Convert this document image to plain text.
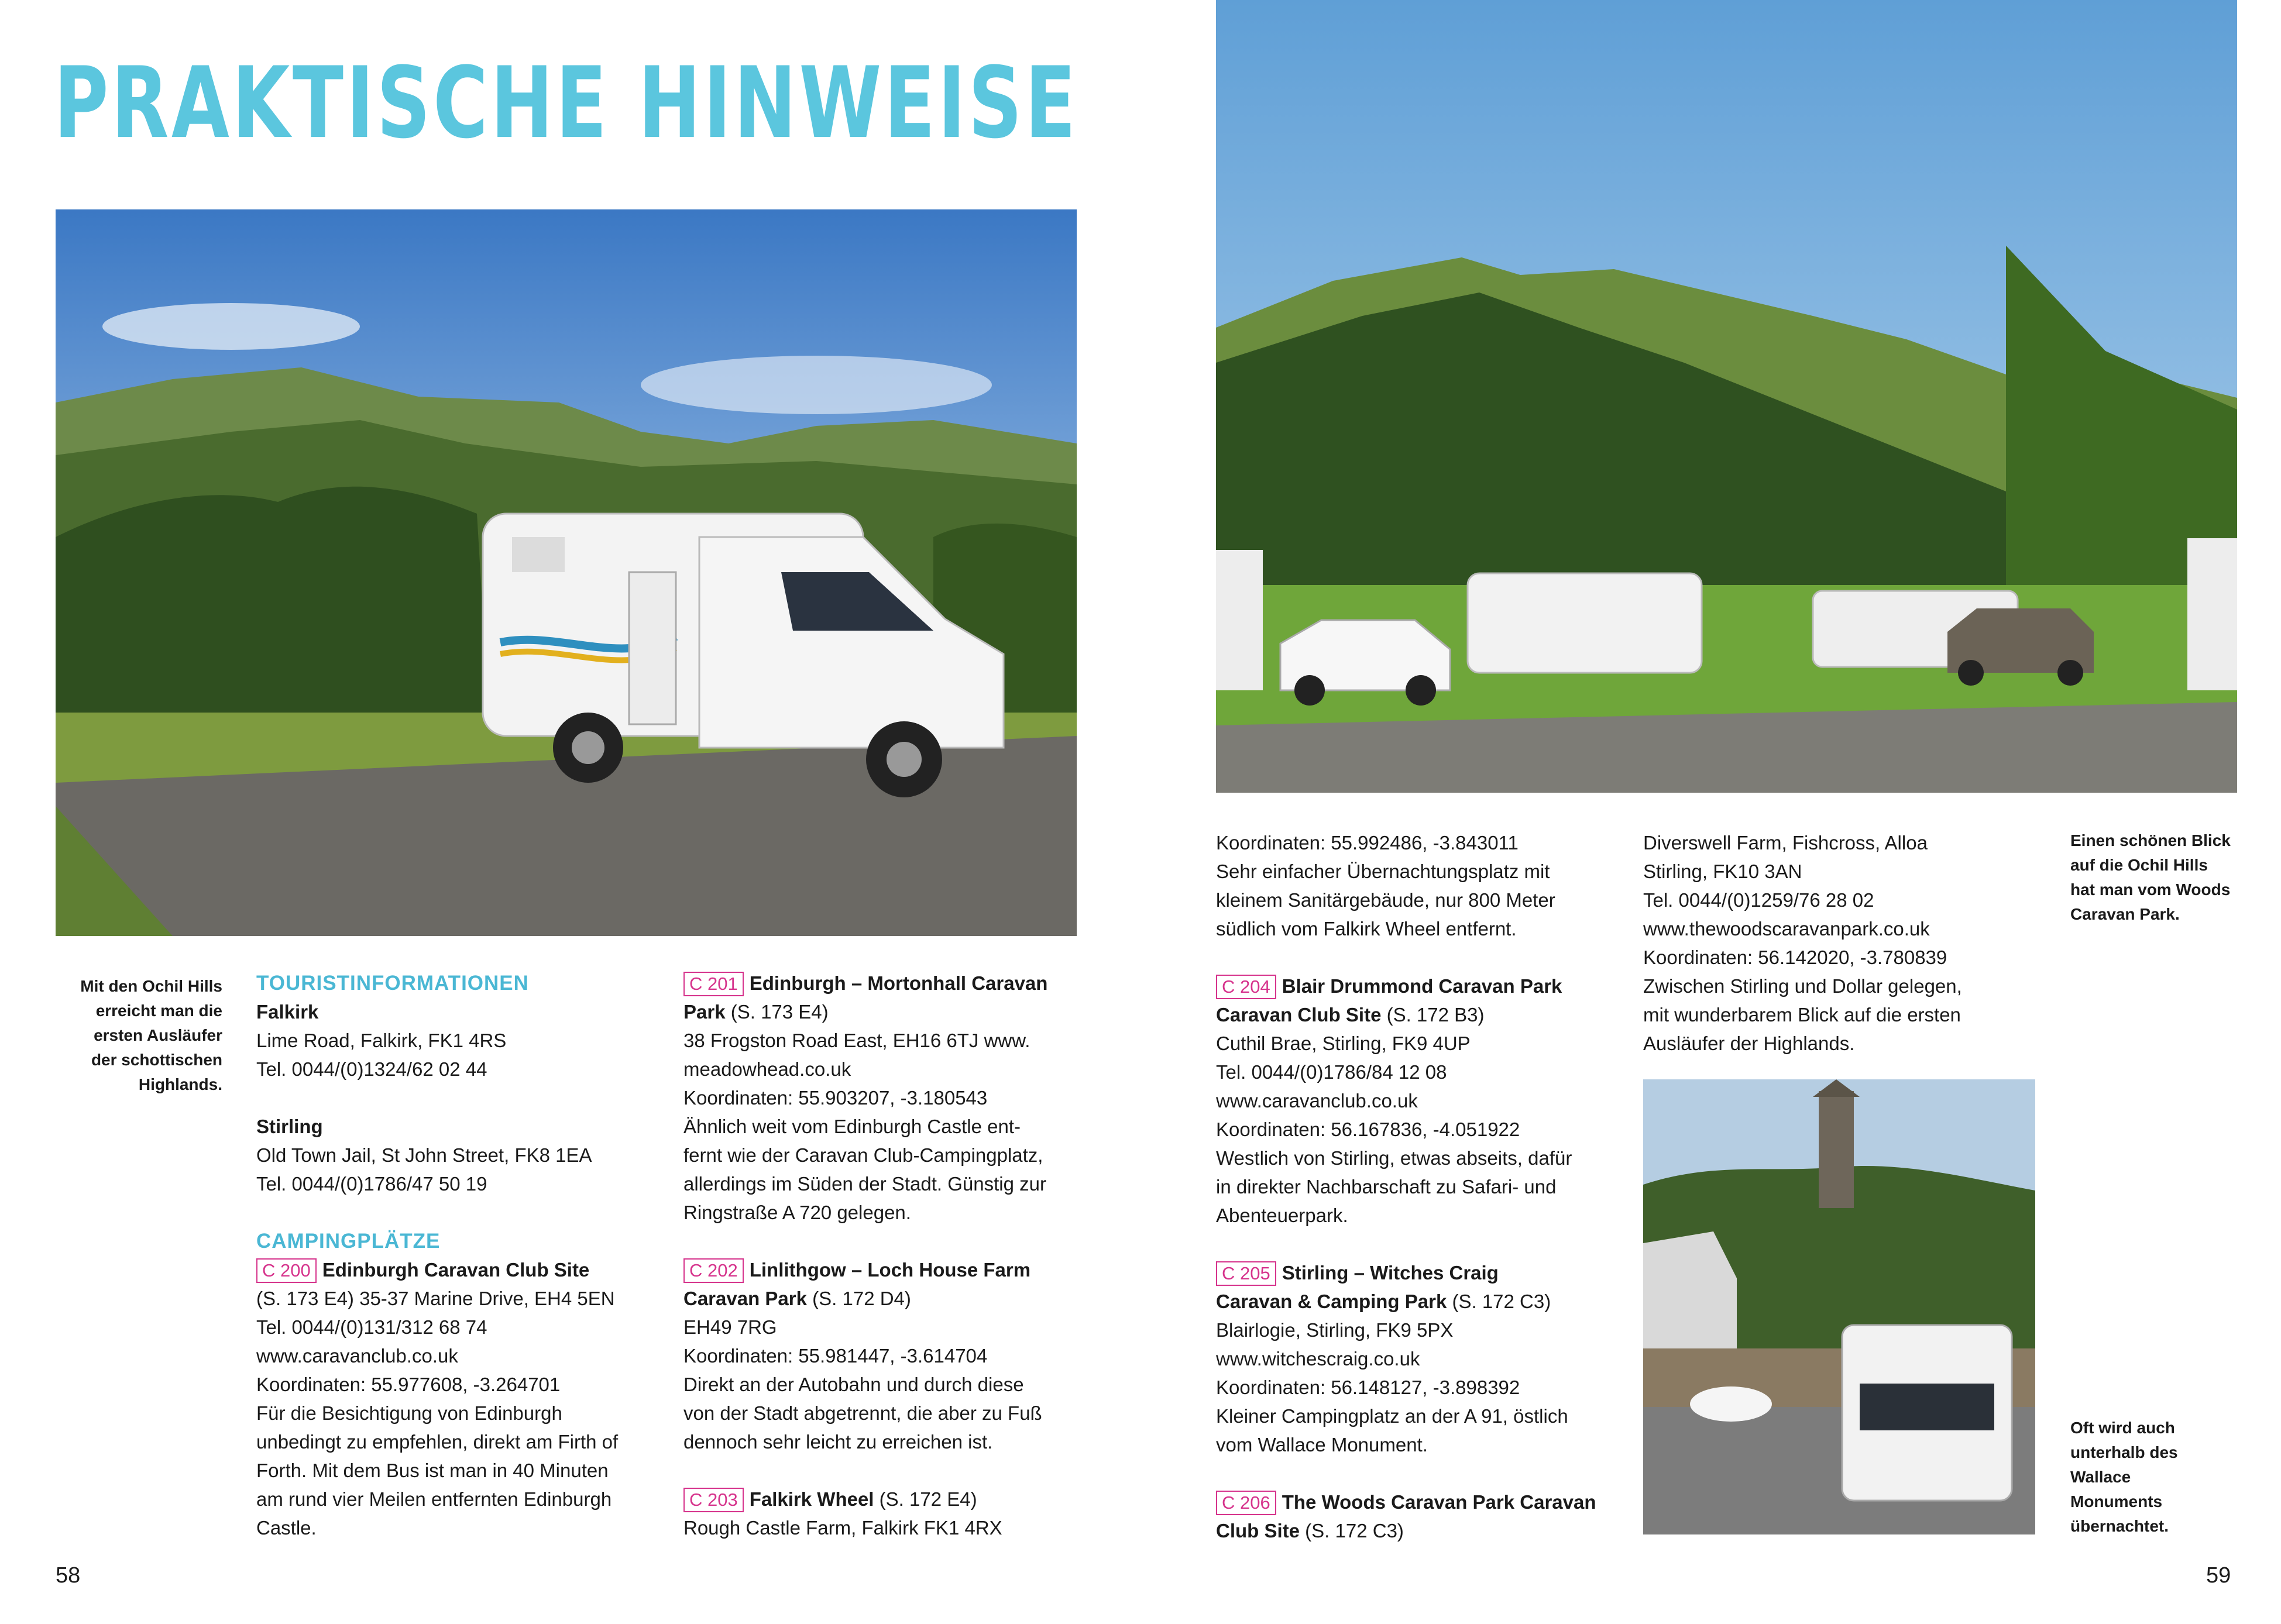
PRAKTISCHE HINWEISE
Mit den Ochil Hills
erreicht man die
ersten Ausläufer
der schottischen
Highlands.

TOURISTINFORMATIONEN

Falkirk

Lime Road, Falkirk, FK1 4RS

Tel. 0044/(0)1324/62 02 44

Stirling

Old Town Jail, St John Street, FK8 1EA

Tel. 0044/(0)1786/47 50 19

CAMPINGPLÄTZE

C 200 Edinburgh Caravan Club Site

(S. 173 E4) 35-37 Marine Drive, EH4 5EN

Tel. 0044/(0)131/312 68 74

www.caravanclub.co.uk

Koordinaten: 55.977608, -3.264701

Für die Besichtigung von Edinburgh

unbedingt zu empfehlen, direkt am Firth of

Forth. Mit dem Bus ist man in 40 Minuten

am rund vier Meilen entfernten Edinburgh

Castle.

C 201 Edinburgh – Mortonhall Caravan

Park (S. 173 E4)

38 Frogston Road East, EH16 6TJ www.

meadowhead.co.uk

Koordinaten: 55.903207, -3.180543

Ähnlich weit vom Edinburgh Castle ent-

fernt wie der Caravan Club-Campingplatz,

allerdings im Süden der Stadt. Günstig zur

Ringstraße A 720 gelegen.

C 202 Linlithgow – Loch House Farm

Caravan Park (S. 172 D4)

EH49 7RG

Koordinaten: 55.981447, -3.614704

Direkt an der Autobahn und durch diese

von der Stadt abgetrennt, die aber zu Fuß

dennoch sehr leicht zu erreichen ist.

C 203 Falkirk Wheel (S. 172 E4)

Rough Castle Farm, Falkirk FK1 4RX

58

Koordinaten: 55.992486, -3.843011

Sehr einfacher Übernachtungsplatz mit

kleinem Sanitärgebäude, nur 800 Meter

südlich vom Falkirk Wheel entfernt.

C 204 Blair Drummond Caravan Park

Caravan Club Site (S. 172 B3)

Cuthil Brae, Stirling, FK9 4UP

Tel. 0044/(0)1786/84 12 08

www.caravanclub.co.uk

Koordinaten: 56.167836, -4.051922

Westlich von Stirling, etwas abseits, dafür

in direkter Nachbarschaft zu Safari- und

Abenteuerpark.

C 205 Stirling – Witches Craig

Caravan & Camping Park (S. 172 C3)

Blairlogie, Stirling, FK9 5PX

www.witchescraig.co.uk

Koordinaten: 56.148127, -3.898392

Kleiner Campingplatz an der A 91, östlich

vom Wallace Monument.

C 206 The Woods Caravan Park Caravan

Club Site (S. 172 C3)

Diverswell Farm, Fishcross, Alloa

Stirling, FK10 3AN

Tel. 0044/(0)1259/76 28 02

www.thewoodscaravanpark.co.uk

Koordinaten: 56.142020, -3.780839

Zwischen Stirling und Dollar gelegen,

mit wunderbarem Blick auf die ersten

Ausläufer der Highlands.

Einen schönen Blick
auf die Ochil Hills
hat man vom Woods
Caravan Park.
Oft wird auch
unterhalb des
Wallace
Monuments
übernachtet.
59
